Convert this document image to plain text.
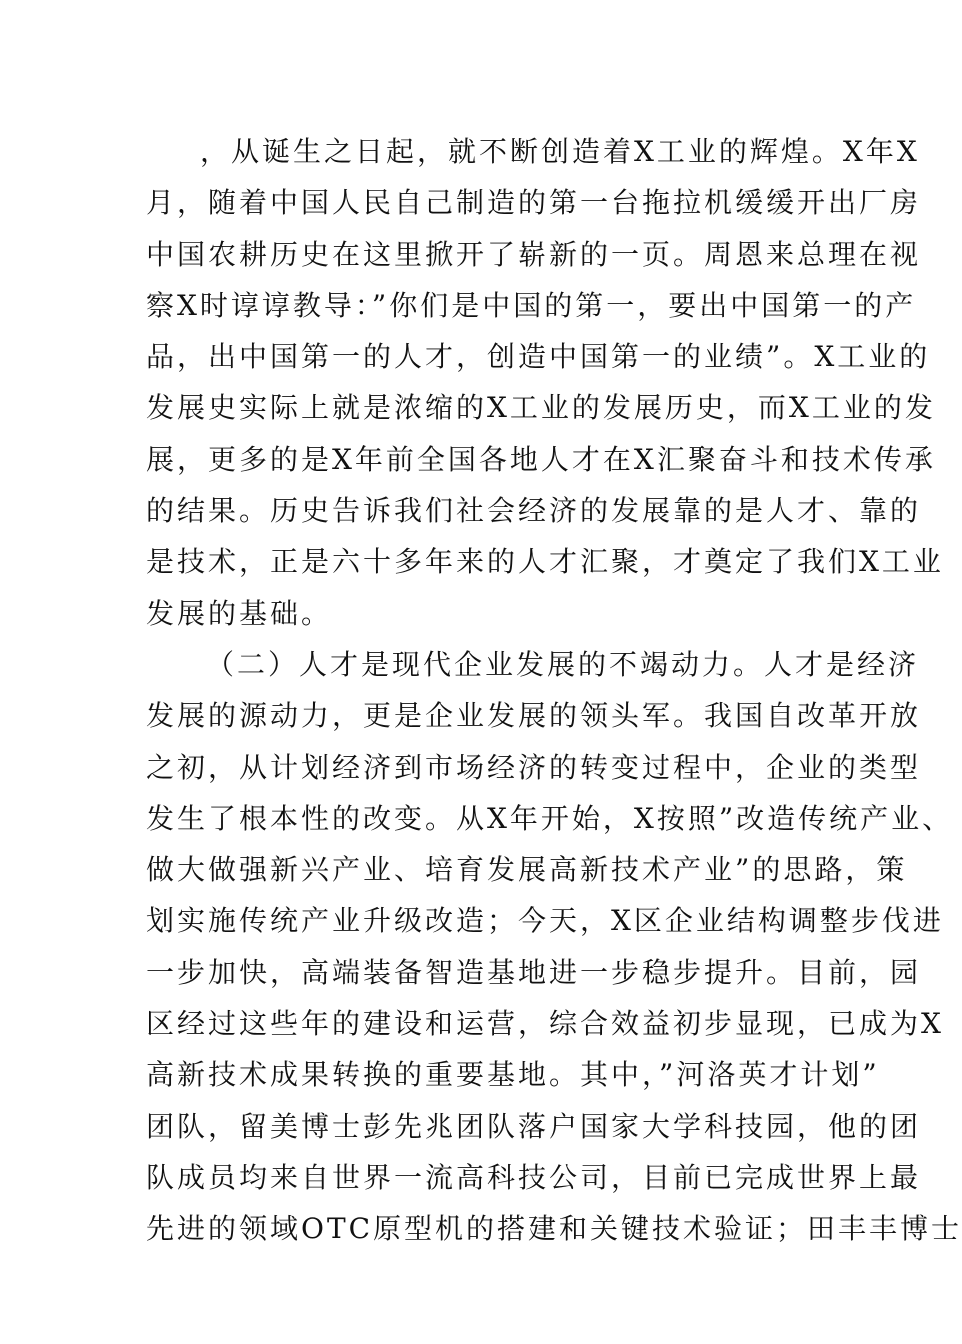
，从诞生之日起，就不断创造着X工业的辉煌。X年X
月，随着中国人民自己制造的第一台拖拉机缓缓开出厂房
中国农耕历史在这里掀开了崭新的一页。周恩来总理在视
察X时谆谆教导：”你们是中国的第一，要出中国第一的产
品，出中国第一的人才，创造中国第一的业绩”。X工业的
发展史实际上就是浓缩的X工业的发展历史，而X工业的发
展，更多的是X年前全国各地人才在X汇聚奋斗和技术传承
的结果。历史告诉我们社会经济的发展靠的是人才、靠的
是技术，正是六十多年来的人才汇聚，才奠定了我们X工业
发展的基础。
（二）人才是现代企业发展的不竭动力。人才是经济
发展的源动力，更是企业发展的领头军。我国自改革开放
之初，从计划经济到市场经济的转变过程中，企业的类型
发生了根本性的改变。从X年开始，X按照”改造传统产业、
做大做强新兴产业、培育发展高新技术产业”的思路，策
划实施传统产业升级改造；今天，X区企业结构调整步伐进
一步加快，高端装备智造基地进一步稳步提升。目前，园
区经过这些年的建设和运营，综合效益初步显现，已成为X
高新技术成果转换的重要基地。其中，”河洛英才计划”
团队，留美博士彭先兆团队落户国家大学科技园，他的团
队成员均来自世界一流高科技公司，目前已完成世界上最
先进的领域OTC原型机的搭建和关键技术验证；田丰丰博士
